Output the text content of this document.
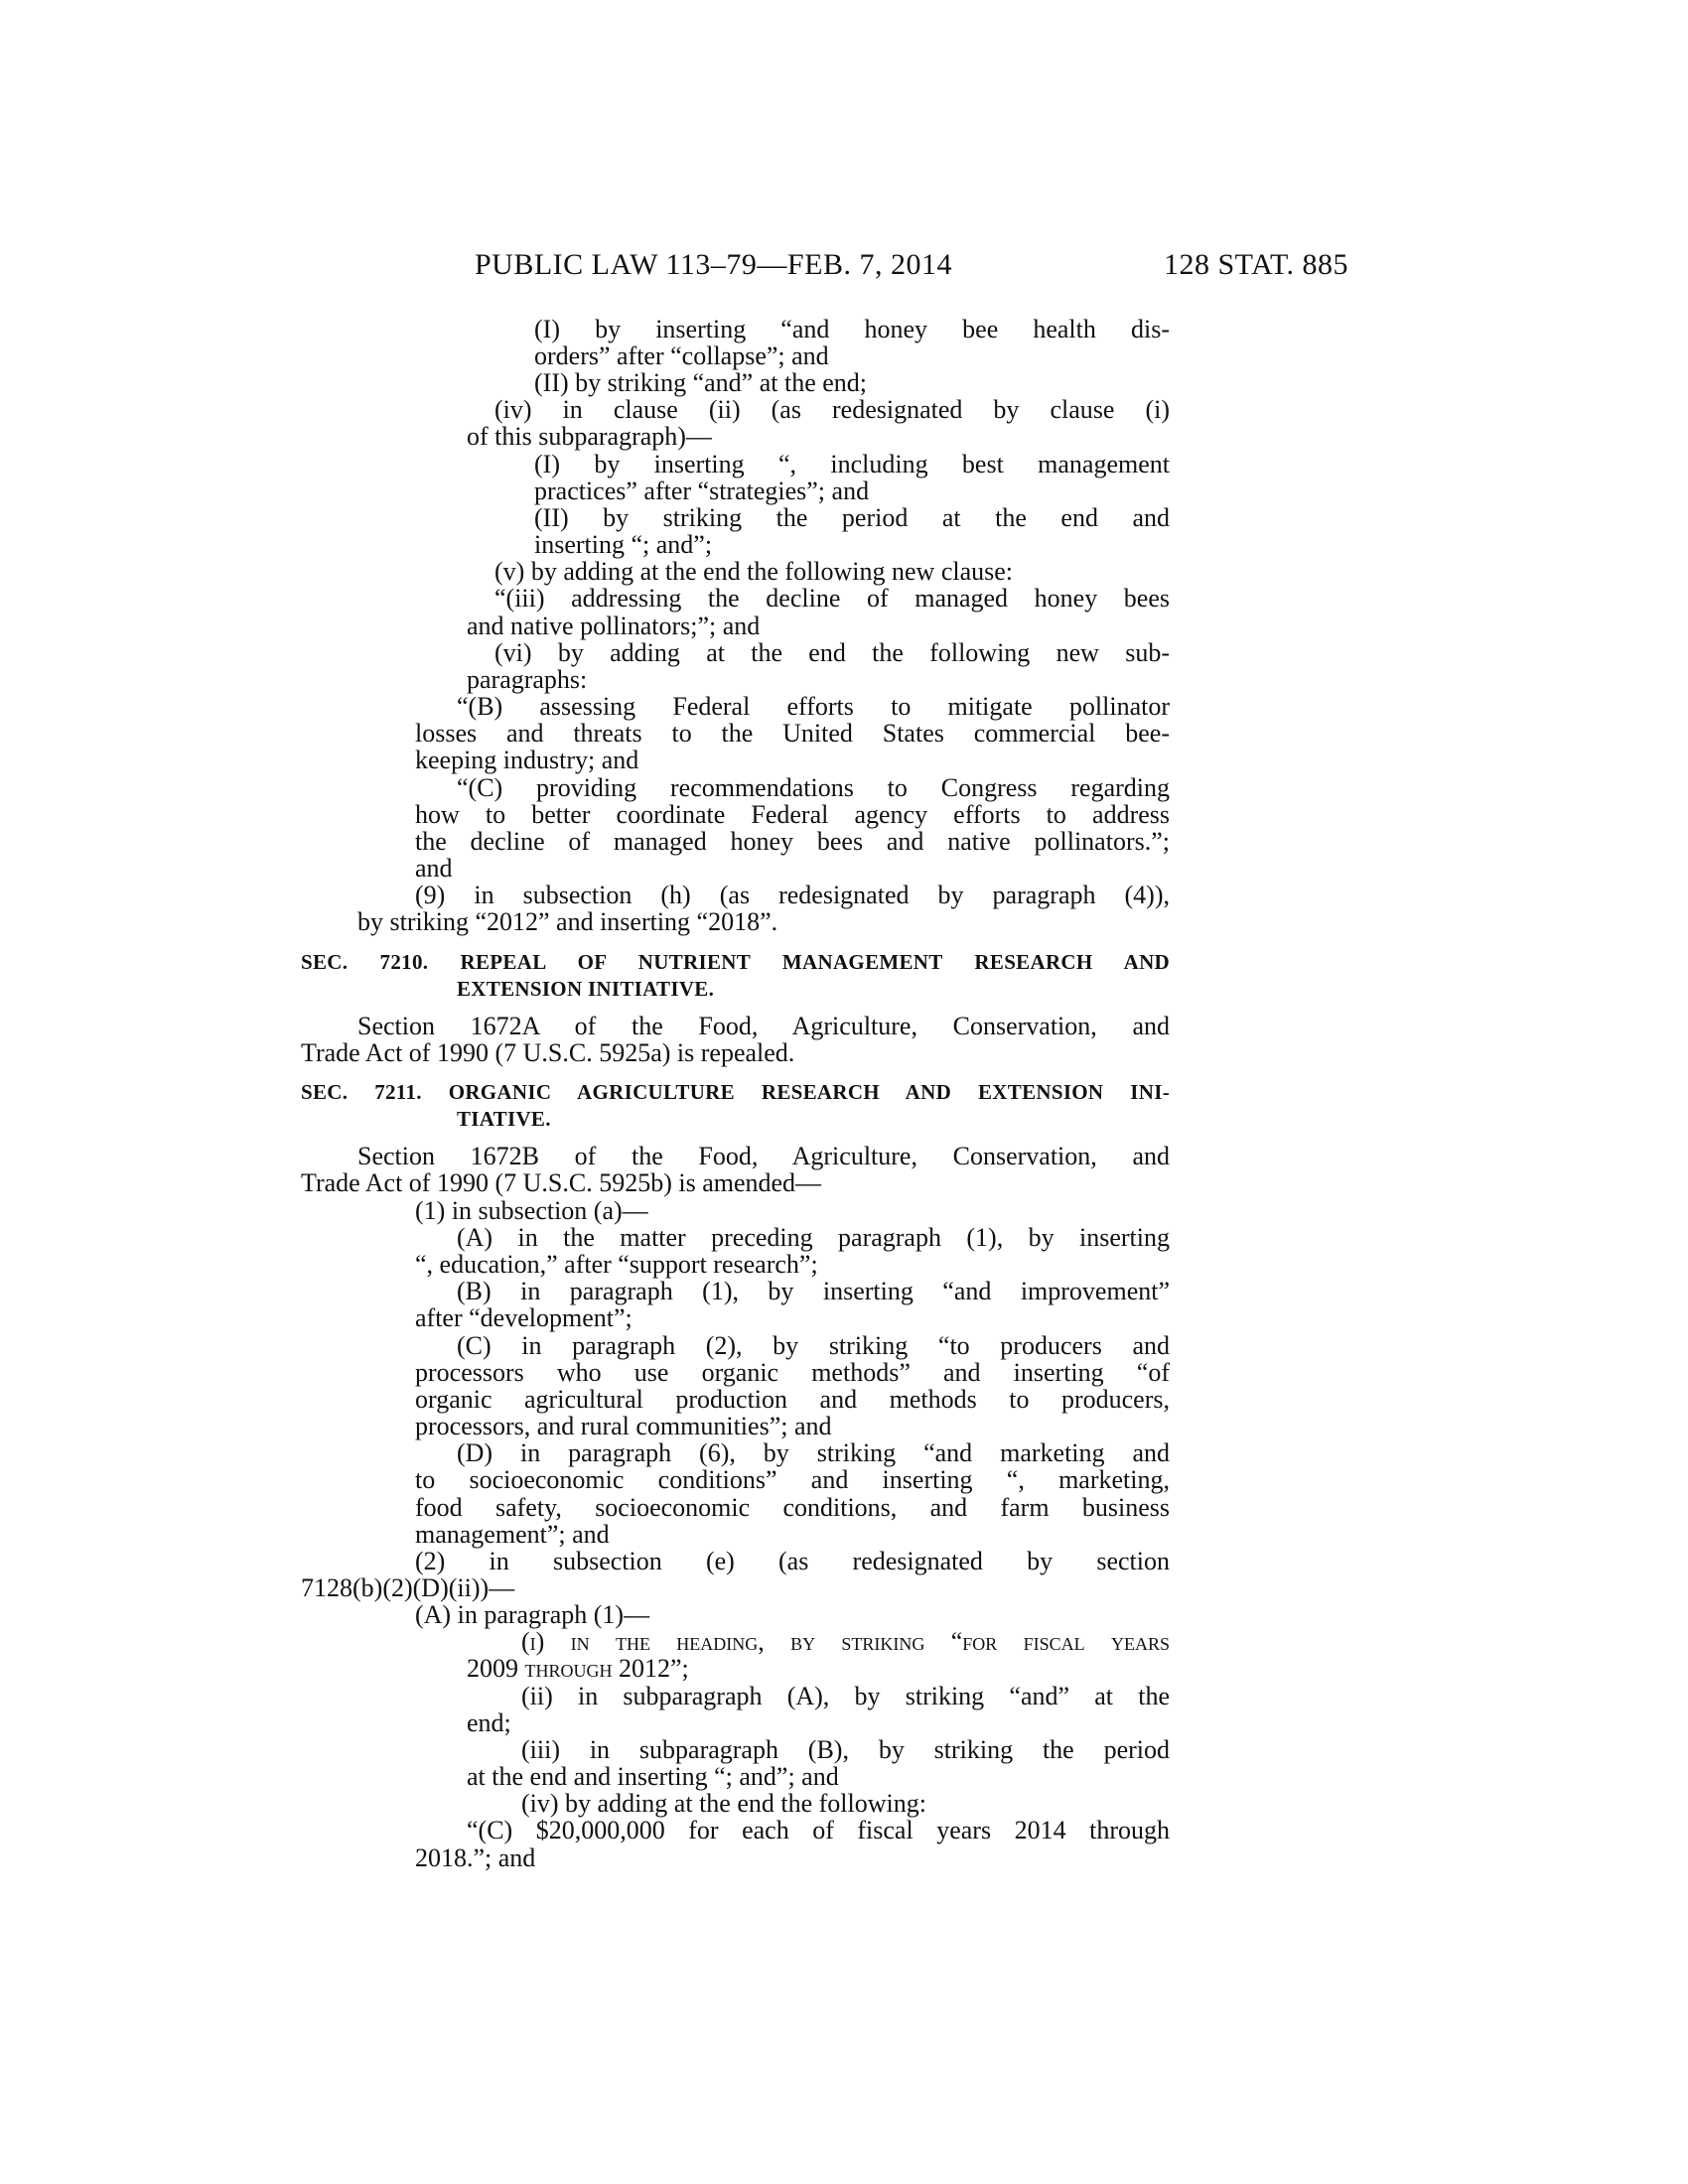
PUBLIC LAW 113–79—FEB. 7, 2014	128 STAT. 885
(I) by inserting “and honey bee health dis-
orders” after “collapse”; and
(II) by striking “and” at the end;
(iv) in clause (ii) (as redesignated by clause (i)
of this subparagraph)—
(I) by inserting “, including best management
practices” after “strategies”; and
(II) by striking the period at the end and
inserting “; and”;
(v) by adding at the end the following new clause:
“(iii) addressing the decline of managed honey bees
and native pollinators;”; and
(vi) by adding at the end the following new sub-
paragraphs:
“(B) assessing Federal efforts to mitigate pollinator
losses and threats to the United States commercial bee-
keeping industry; and
“(C) providing recommendations to Congress regarding
how to better coordinate Federal agency efforts to address
the decline of managed honey bees and native pollinators.”;
and
(9) in subsection (h) (as redesignated by paragraph (4)),
by striking “2012” and inserting “2018”.
SEC. 7210. REPEAL OF NUTRIENT MANAGEMENT RESEARCH AND
EXTENSION INITIATIVE.
Section 1672A of the Food, Agriculture, Conservation, and
Trade Act of 1990 (7 U.S.C. 5925a) is repealed.
SEC. 7211. ORGANIC AGRICULTURE RESEARCH AND EXTENSION INI-
TIATIVE.
Section 1672B of the Food, Agriculture, Conservation, and
Trade Act of 1990 (7 U.S.C. 5925b) is amended—
(1) in subsection (a)—
(A) in the matter preceding paragraph (1), by inserting
“, education,” after “support research”;
(B) in paragraph (1), by inserting “and improvement”
after “development”;
(C) in paragraph (2), by striking “to producers and
processors who use organic methods” and inserting “of
organic agricultural production and methods to producers,
processors, and rural communities”; and
(D) in paragraph (6), by striking “and marketing and
to socioeconomic conditions” and inserting “, marketing,
food safety, socioeconomic conditions, and farm business
management”; and
(2) in subsection (e) (as redesignated by section
7128(b)(2)(D)(ii))—
(A) in paragraph (1)—
(i) in the heading, by striking “for fiscal years
2009 through 2012”;
(ii) in subparagraph (A), by striking “and” at the
end;
(iii) in subparagraph (B), by striking the period
at the end and inserting “; and”; and
(iv) by adding at the end the following:
“(C) $20,000,000 for each of fiscal years 2014 through
2018.”; and
